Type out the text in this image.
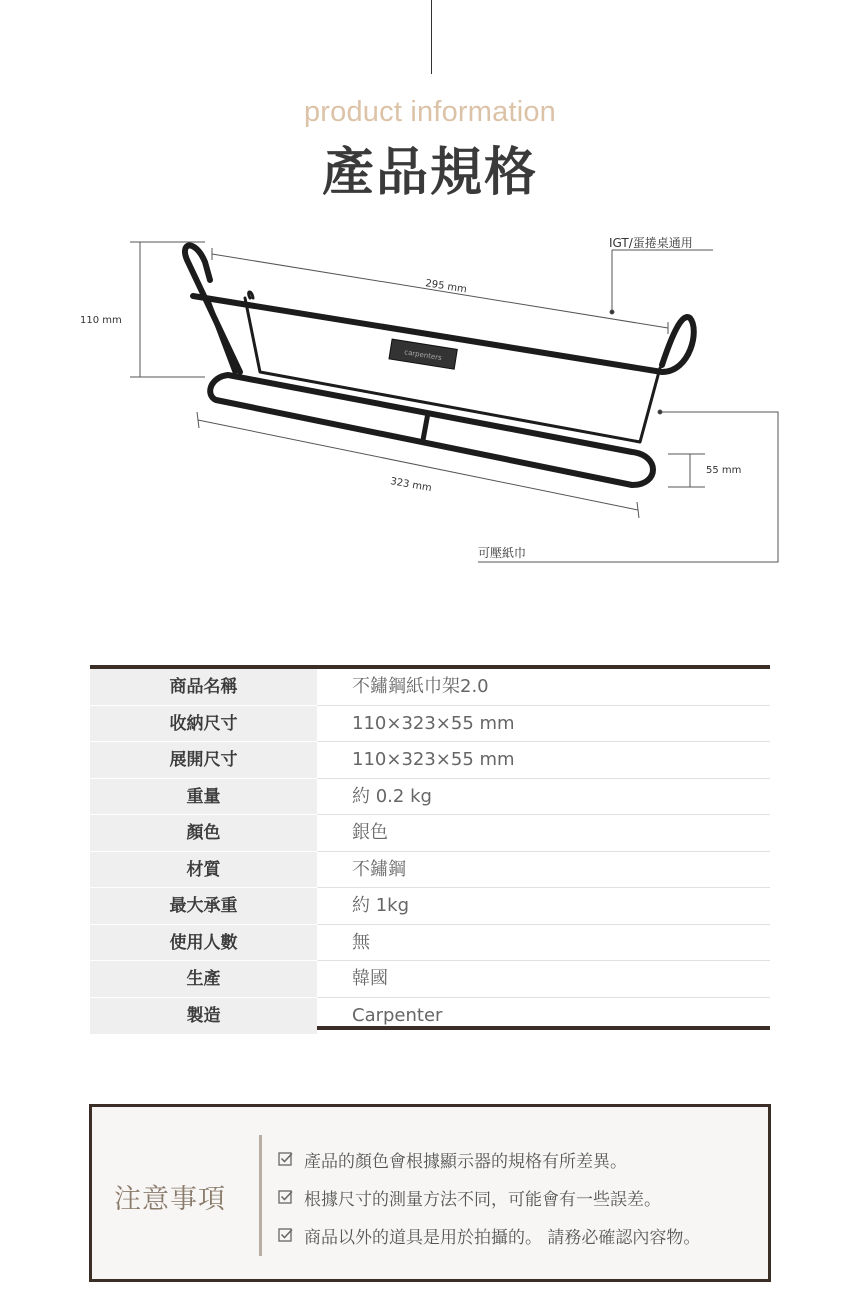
product information
產品規格
110 mm
295 mm
carpenters
323 mm
55 mm
IGT/蛋捲桌通用
可壓紙巾
商品名稱	不鏽鋼紙巾架2.0
收納尺寸	110×323×55 mm
展開尺寸	110×323×55 mm
重量	約 0.2 kg
顏色	銀色
材質	不鏽鋼
最大承重	約 1kg
使用人數	無
生產	韓國
製造	Carpenter
注意事項
產品的顏色會根據顯示器的規格有所差異。
根據尺寸的測量方法不同，可能會有一些誤差。
商品以外的道具是用於拍攝的。 請務必確認內容物。
